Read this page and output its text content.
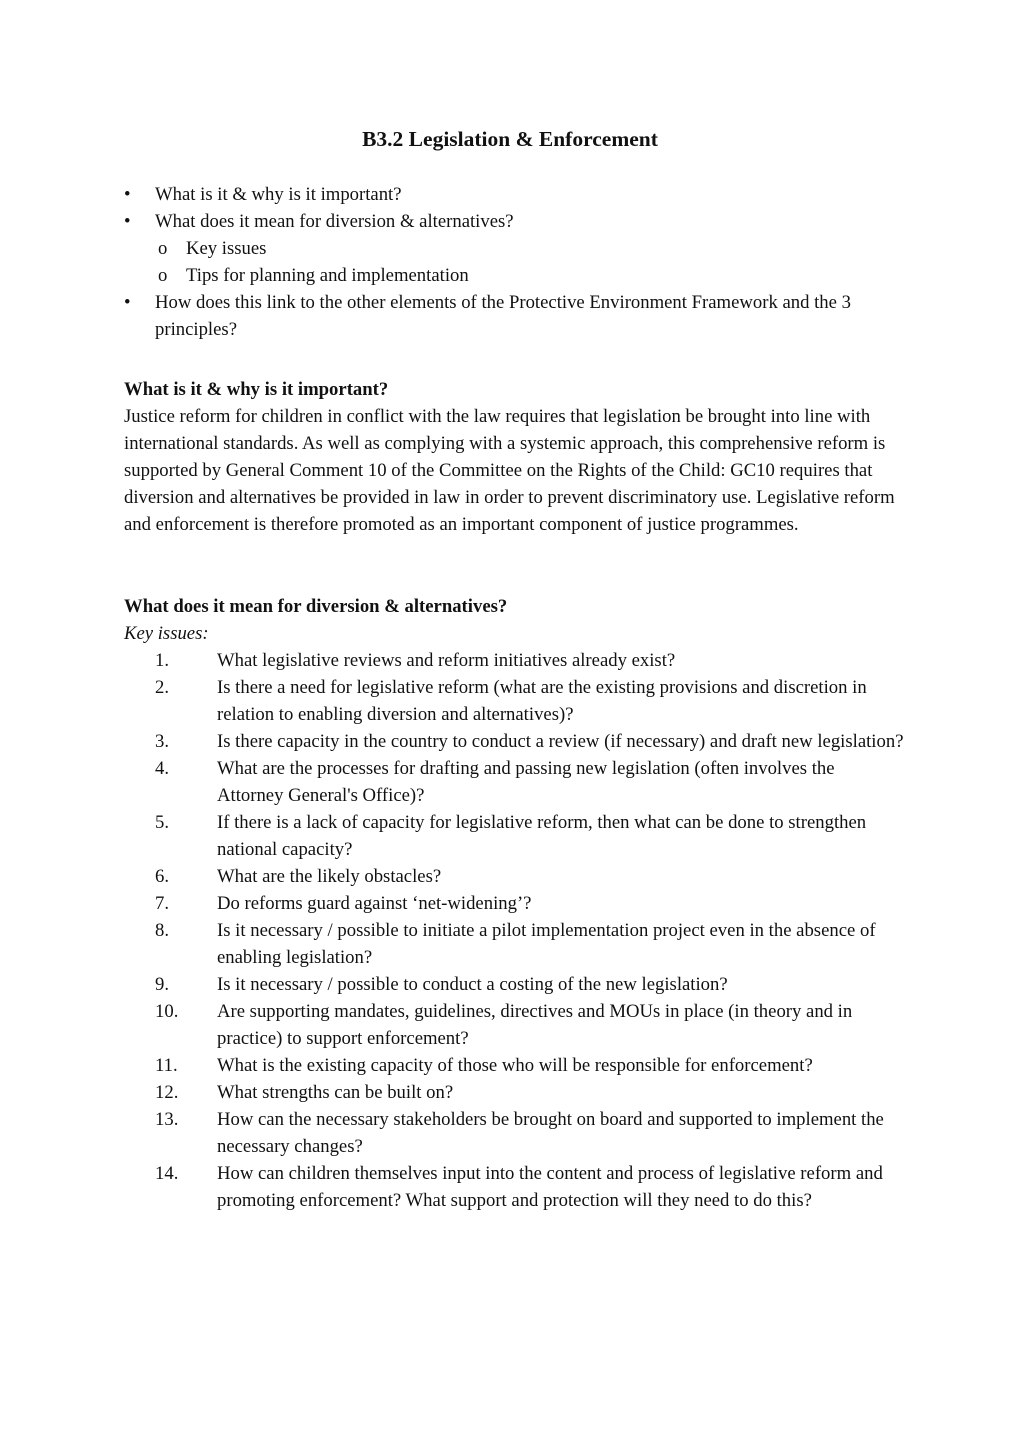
B3.2 Legislation & Enforcement
• What is it & why is it important?
• What does it mean for diversion & alternatives?
o Key issues
o Tips for planning and implementation
• How does this link to the other elements of the Protective Environment Framework and the 3 principles?
What is it & why is it important?

Justice reform for children in conflict with the law requires that legislation be brought into line with international standards. As well as complying with a systemic approach, this comprehensive reform is supported by General Comment 10 of the Committee on the Rights of the Child: GC10 requires that diversion and alternatives be provided in law in order to prevent discriminatory use. Legislative reform and enforcement is therefore promoted as an important component of justice programmes.

What does it mean for diversion & alternatives?

Key issues:

1.	What legislative reviews and reform initiatives already exist?
2.	Is there a need for legislative reform (what are the existing provisions and discretion in relation to enabling diversion and alternatives)?
3.	Is there capacity in the country to conduct a review (if necessary) and draft new legislation?
4.	What are the processes for drafting and passing new legislation (often involves the Attorney General's Office)?
5.	If there is a lack of capacity for legislative reform, then what can be done to strengthen national capacity?
6.	What are the likely obstacles?
7.	Do reforms guard against ‘net-widening’?
8.	Is it necessary / possible to initiate a pilot implementation project even in the absence of enabling legislation?
9.	Is it necessary / possible to conduct a costing of the new legislation?
10. Are supporting mandates, guidelines, directives and MOUs in place (in theory and in practice) to support enforcement?
11. What is the existing capacity of those who will be responsible for enforcement?
12. What strengths can be built on?
13. How can the necessary stakeholders be brought on board and supported to implement the necessary changes?
14. How can children themselves input into the content and process of legislative reform and promoting enforcement? What support and protection will they need to do this?
